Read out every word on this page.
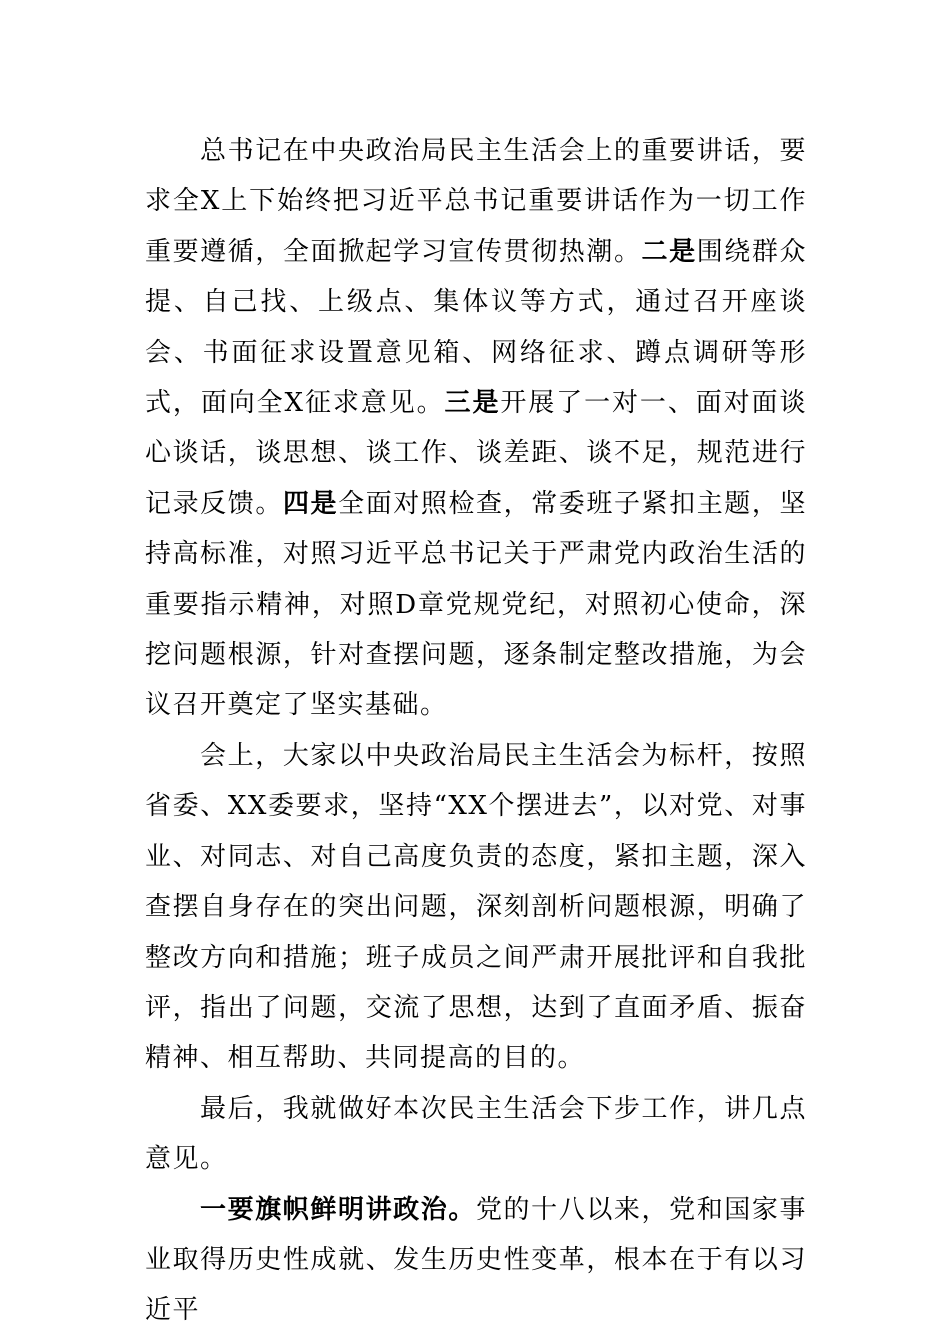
总书记在中央政治局民主生活会上的重要讲话，要求全X上下始终把习近平总书记重要讲话作为一切工作重要遵循，全面掀起学习宣传贯彻热潮。二是围绕群众提、自己找、上级点、集体议等方式，通过召开座谈会、书面征求设置意见箱、网络征求、蹲点调研等形式，面向全X征求意见。三是开展了一对一、面对面谈心谈话，谈思想、谈工作、谈差距、谈不足，规范进行记录反馈。四是全面对照检查，常委班子紧扣主题，坚持高标准，对照习近平总书记关于严肃党内政治生活的重要指示精神，对照D章党规党纪，对照初心使命，深挖问题根源，针对查摆问题，逐条制定整改措施，为会议召开奠定了坚实基础。

会上，大家以中央政治局民主生活会为标杆，按照省委、XX委要求，坚持“XX个摆进去”，以对党、对事业、对同志、对自己高度负责的态度，紧扣主题，深入查摆自身存在的突出问题，深刻剖析问题根源，明确了整改方向和措施；班子成员之间严肃开展批评和自我批评，指出了问题，交流了思想，达到了直面矛盾、振奋精神、相互帮助、共同提高的目的。

最后，我就做好本次民主生活会下步工作，讲几点意见。

一要旗帜鲜明讲政治。党的十八以来，党和国家事业取得历史性成就、发生历史性变革，根本在于有以习近平
